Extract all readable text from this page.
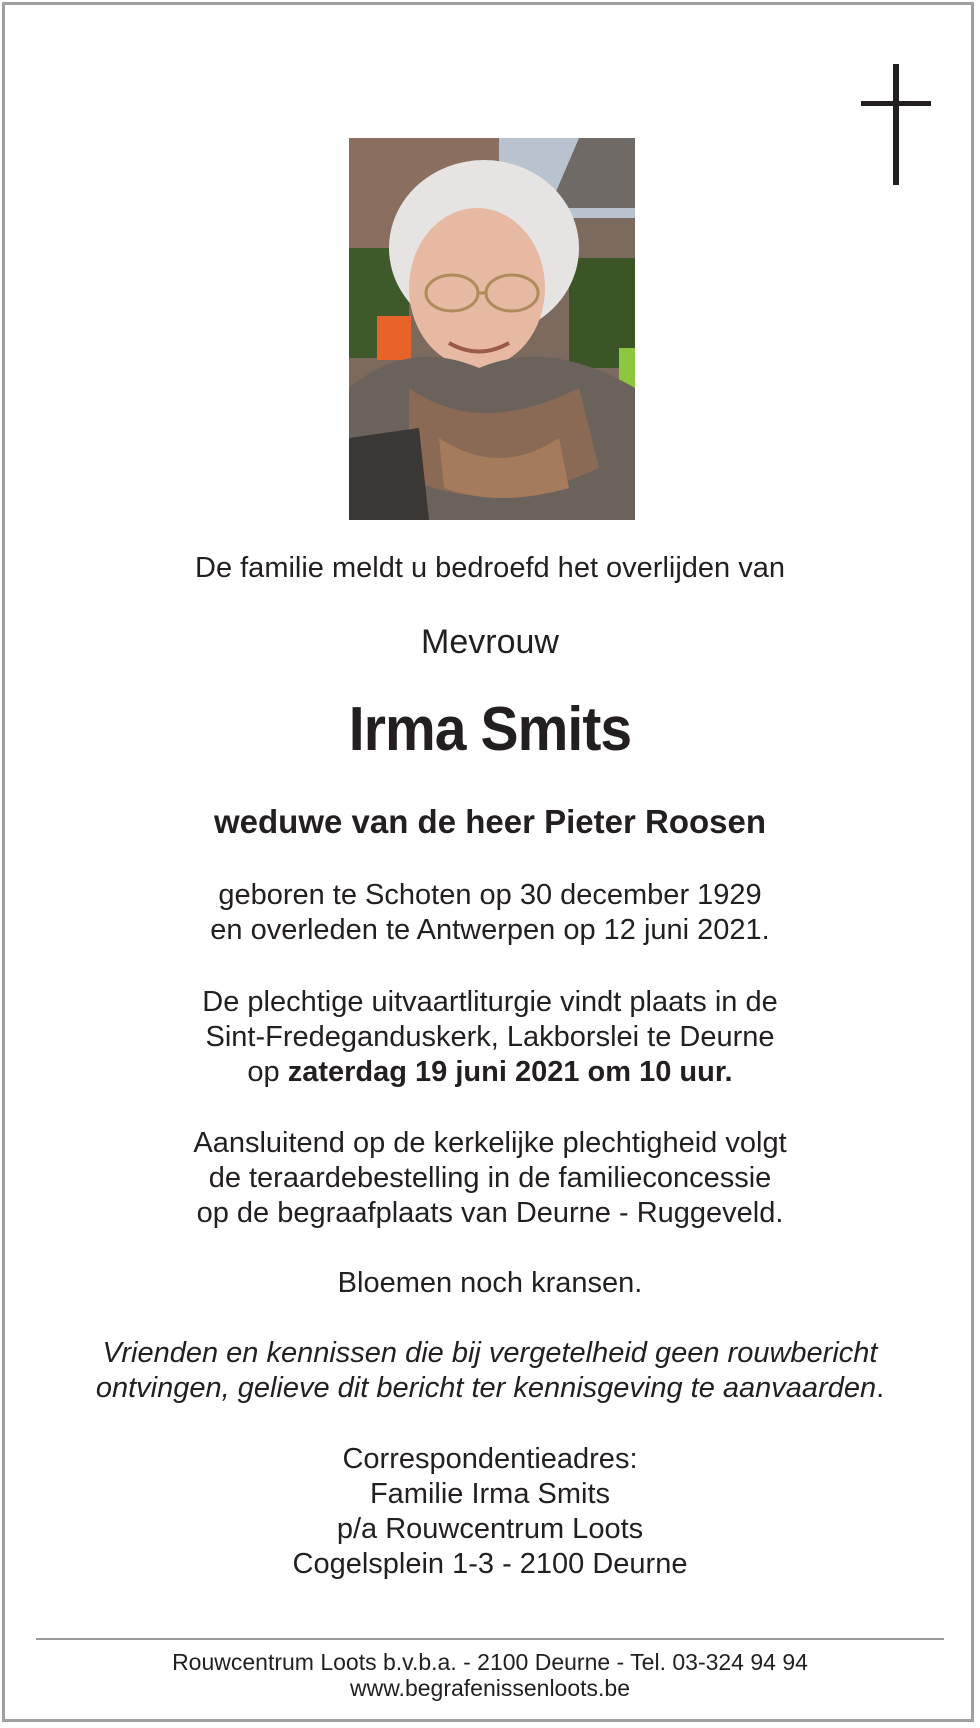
De familie meldt u bedroefd het overlijden van
Mevrouw
Irma Smits
weduwe van de heer Pieter Roosen
geboren te Schoten op 30 december 1929
en overleden te Antwerpen op 12 juni 2021.
De plechtige uitvaartliturgie vindt plaats in de
Sint-Fredeganduskerk, Lakborslei te Deurne
op zaterdag 19 juni 2021 om 10 uur.
Aansluitend op de kerkelijke plechtigheid volgt
de teraardebestelling in de familieconcessie
op de begraafplaats van Deurne - Ruggeveld.
Bloemen noch kransen.
Vrienden en kennissen die bij vergetelheid geen rouwbericht
ontvingen, gelieve dit bericht ter kennisgeving te aanvaarden.
Correspondentieadres:
Familie Irma Smits
p/a Rouwcentrum Loots
Cogelsplein 1-3 - 2100 Deurne
Rouwcentrum Loots b.v.b.a. - 2100 Deurne - Tel. 03-324 94 94
www.begrafenissenloots.be
